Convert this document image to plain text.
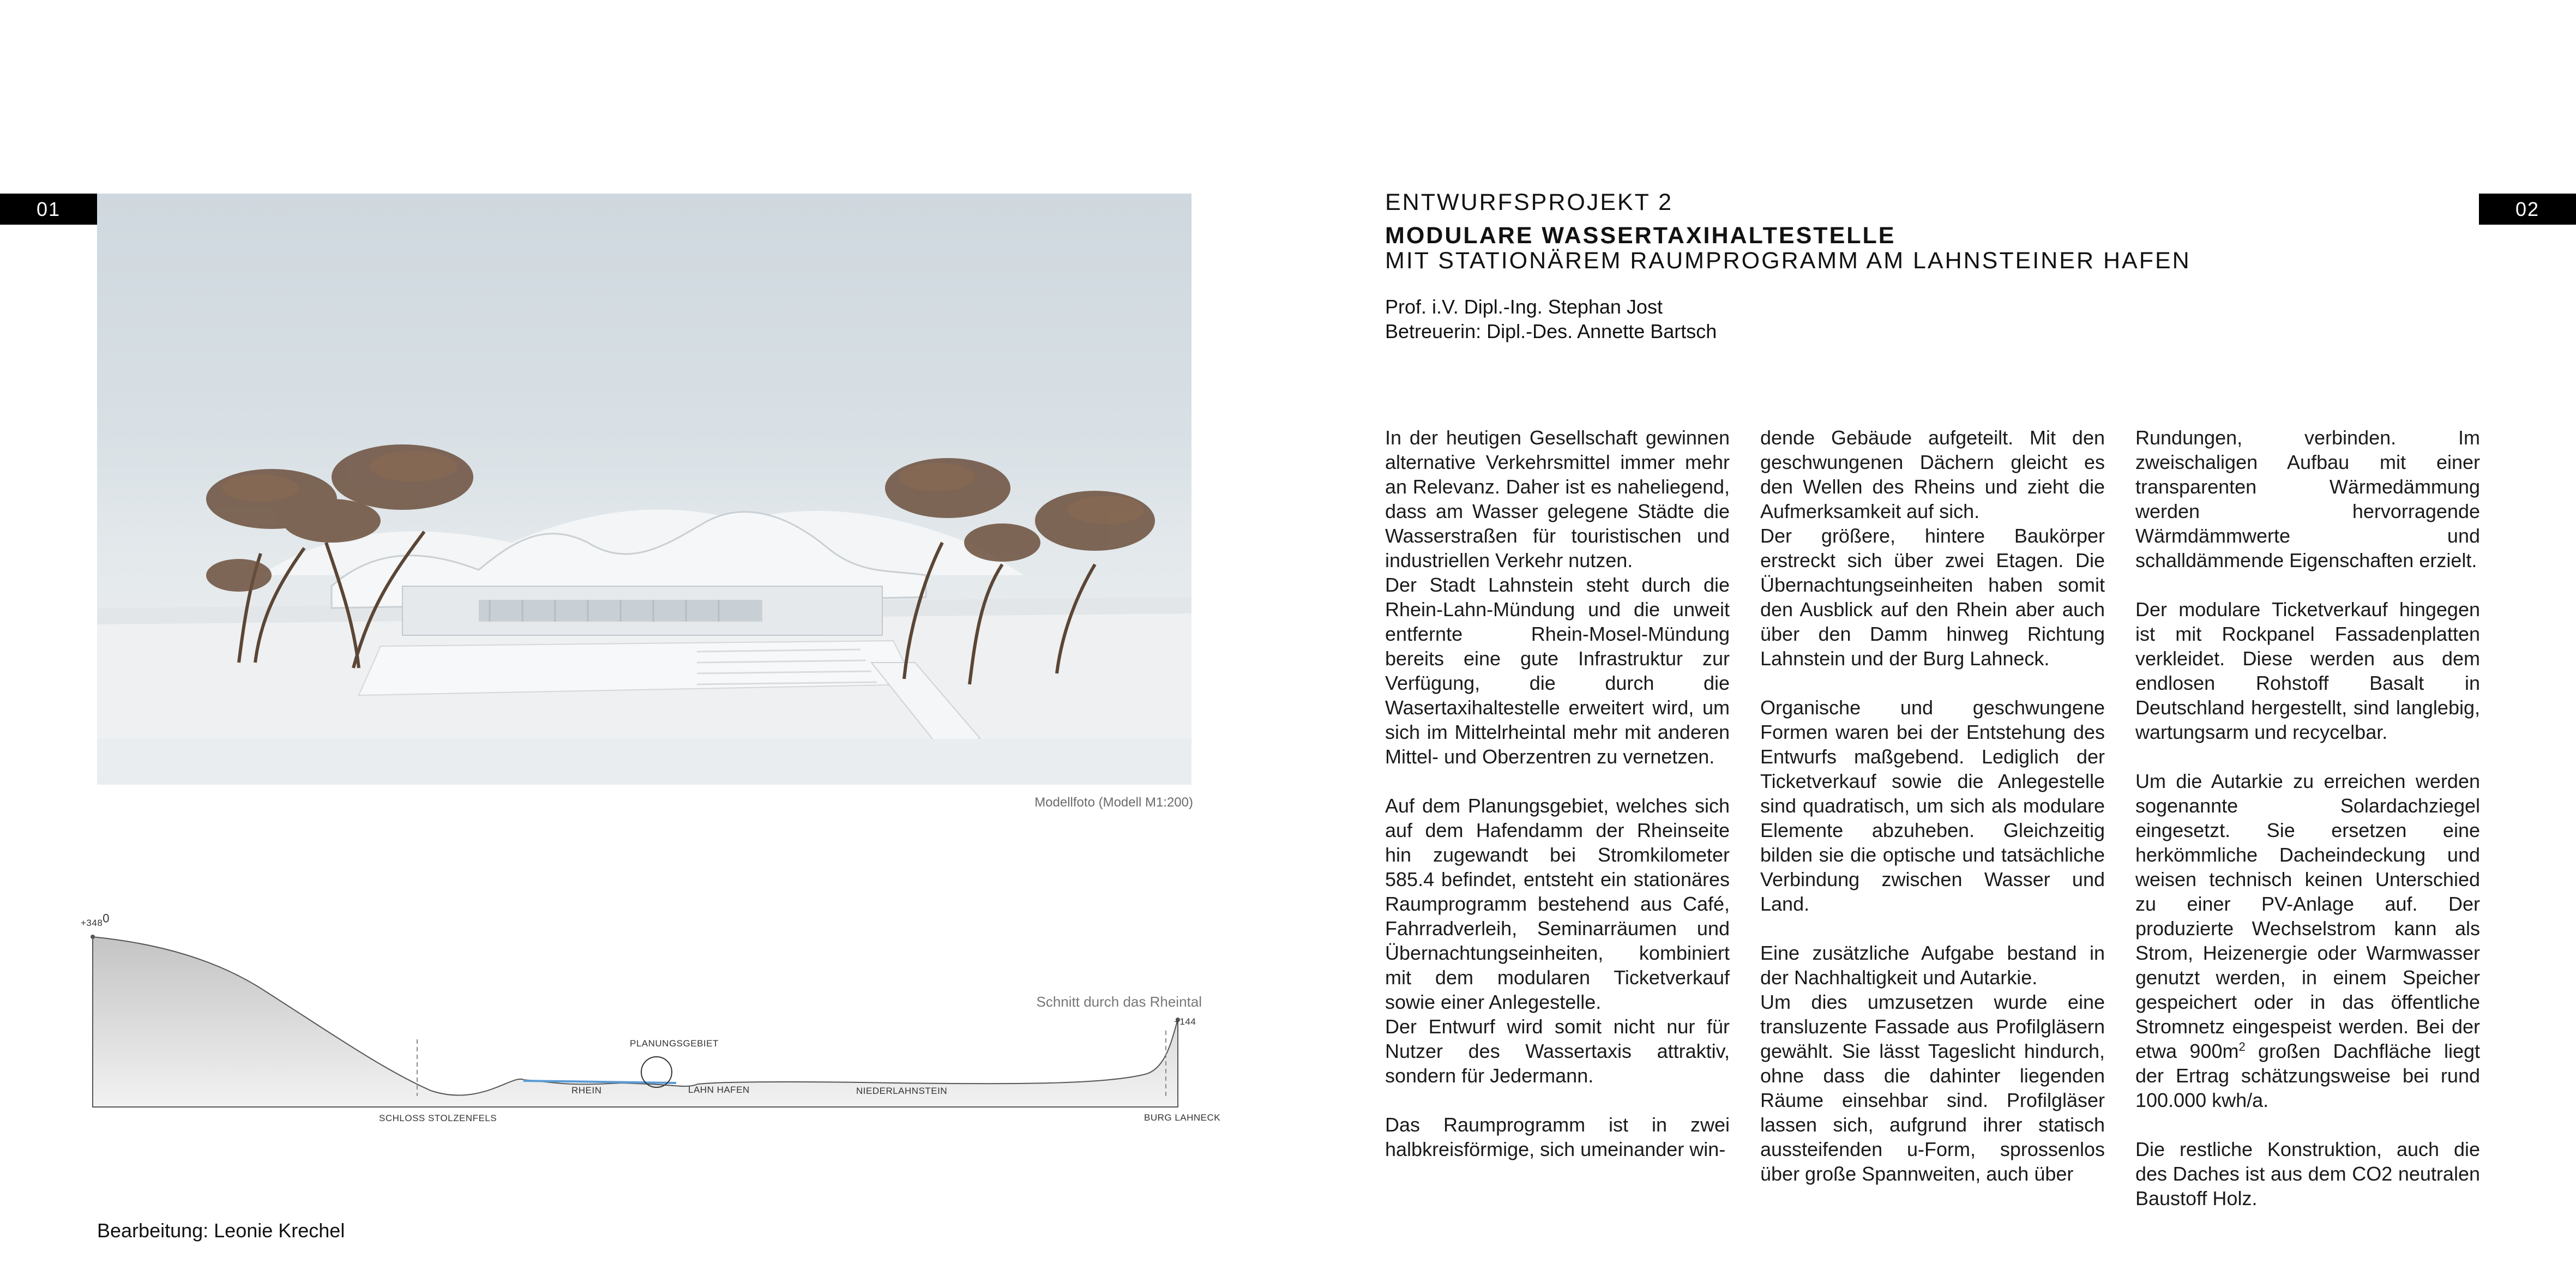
01	02
Modellfoto (Modell M1:200)
Schnitt durch das Rheintal
$+348^0$
+144
PLANUNGSGEBIET
RHEIN	LAHN HAFEN	NIEDERLAHNSTEIN
SCHLOSS STOLZENFELS	BURG LAHNECK
Bearbeitung: Leonie Krechel
ENTWURFSPROJEKT 2
MODULARE WASSERTAXIHALTESTELLE
MIT STATIONÄREM RAUMPROGRAMM AM LAHNSTEINER HAFEN
Prof. i.V. Dipl.-Ing. Stephan Jost
Betreuerin: Dipl.-Des. Annette Bartsch

In der heutigen Gesellschaft gewinnen alternative Verkehrsmittel immer mehr an Relevanz. Daher ist es naheliegend, dass am Wasser gelegene Städte die Wasserstraßen für touristischen und industriellen Verkehr nutzen.

Der Stadt Lahnstein steht durch die Rhein-Lahn-Mündung und die unweit entfernte Rhein-Mosel-Mündung bereits eine gute Infrastruktur zur Verfügung, die durch die Wasertaxihaltestelle erweitert wird, um sich im Mittelrheintal mehr mit anderen Mittel- und Oberzentren zu vernetzen.

Auf dem Planungsgebiet, welches sich auf dem Hafendamm der Rheinseite hin zugewandt bei Stromkilometer 585.4 befindet, entsteht ein stationäres Raumprogramm bestehend aus Café, Fahrradverleih, Seminarräumen und Übernachtungseinheiten, kombiniert mit dem modularen Ticketverkauf sowie einer Anlegestelle.

Der Entwurf wird somit nicht nur für Nutzer des Wassertaxis attraktiv, sondern für Jedermann.

Das Raumprogramm ist in zwei halbkreisförmige, sich umeinander win-

dende Gebäude aufgeteilt. Mit den geschwungenen Dächern gleicht es den Wellen des Rheins und zieht die Aufmerksamkeit auf sich.

Der größere, hintere Baukörper erstreckt sich über zwei Etagen. Die Übernachtungseinheiten haben somit den Ausblick auf den Rhein aber auch über den Damm hinweg Richtung Lahnstein und der Burg Lahneck.

Organische und geschwungene Formen waren bei der Entstehung des Entwurfs maßgebend. Lediglich der Ticketverkauf sowie die Anlegestelle sind quadratisch, um sich als modulare Elemente abzuheben. Gleichzeitig bilden sie die optische und tatsächliche Verbindung zwischen Wasser und Land.

Eine zusätzliche Aufgabe bestand in der Nachhaltigkeit und Autarkie.

Um dies umzusetzen wurde eine transluzente Fassade aus Profilgläsern gewählt. Sie lässt Tageslicht hindurch, ohne dass die dahinter liegenden Räume einsehbar sind. Profilgläser lassen sich, aufgrund ihrer statisch aussteifenden u-Form, sprossenlos über große Spannweiten, auch über

Rundungen, verbinden. Im zweischaligen Aufbau mit einer transparenten Wärmedämmung werden hervorragende Wärmdämmwerte und schalldämmende Eigenschaften erzielt.

Der modulare Ticketverkauf hingegen ist mit Rockpanel Fassadenplatten verkleidet. Diese werden aus dem endlosen Rohstoff Basalt in Deutschland hergestellt, sind langlebig, wartungsarm und recycelbar.

Um die Autarkie zu erreichen werden sogenannte Solardachziegel eingesetzt. Sie ersetzen eine herkömmliche Dacheindeckung und weisen technisch keinen Unterschied zu einer PV-Anlage auf. Der produzierte Wechselstrom kann als Strom, Heizenergie oder Warmwasser genutzt werden, in einem Speicher gespeichert oder in das öffentliche Stromnetz eingespeist werden. Bei der etwa $900m^2$ großen Dachfläche liegt der Ertrag schätzungsweise bei rund 100.000 kwh/a.

Die restliche Konstruktion, auch die des Daches ist aus dem CO2 neutralen Baustoff Holz.
